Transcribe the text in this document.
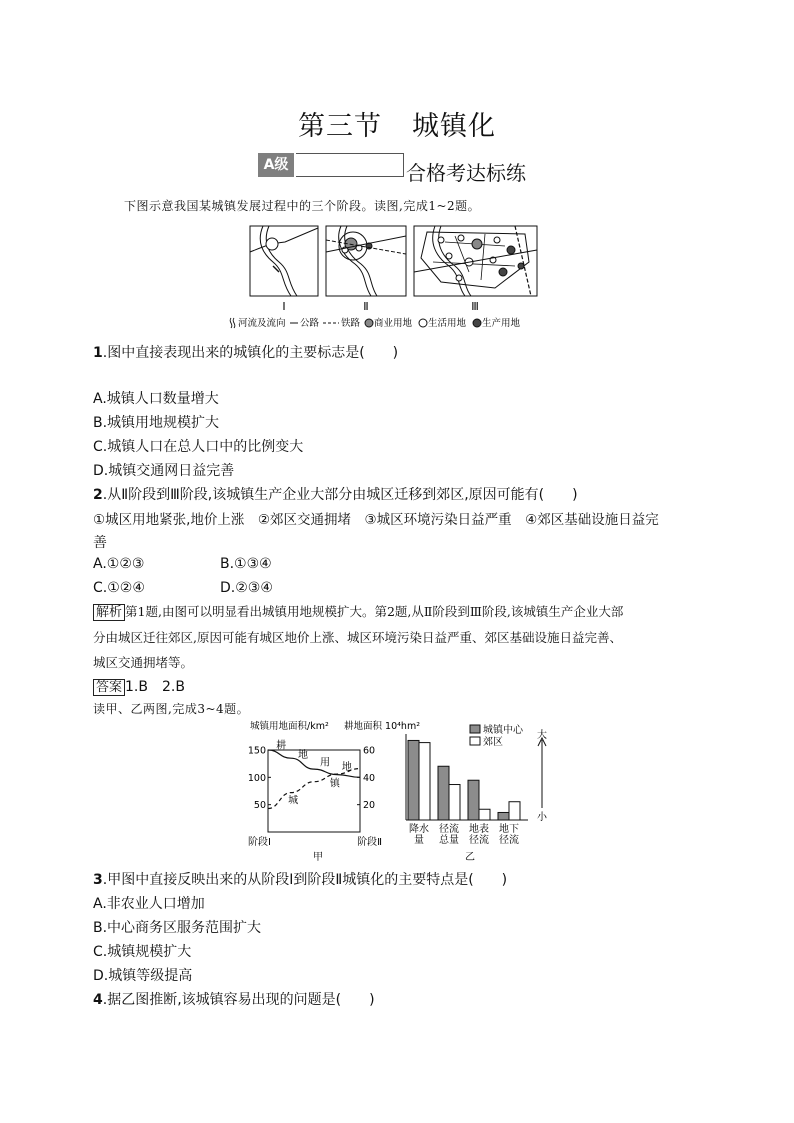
第三节 城镇化
A级	合格考达标练
下图示意我国某城镇发展过程中的三个阶段。读图,完成1~2题。
Ⅰ	Ⅱ	Ⅲ
河流及流向 公路 铁路 商业用地 生活用地 生产用地
1.图中直接表现出来的城镇化的主要标志是(　　)
A.城镇人口数量增大
B.城镇用地规模扩大
C.城镇人口在总人口中的比例变大
D.城镇交通网日益完善
2.从Ⅱ阶段到Ⅲ阶段,该城镇生产企业大部分由城区迁移到郊区,原因可能有(　　)
①城区用地紧张,地价上涨　②郊区交通拥堵　③城区环境污染日益严重　④郊区基础设施日益完
善
A.①②③	B.①③④
C.①②④	D.②③④
解析 第1题,由图可以明显看出城镇用地规模扩大。第2题,从Ⅱ阶段到Ⅲ阶段,该城镇生产企业大部
分由城区迁往郊区,原因可能有城区地价上涨、城区环境污染日益严重、郊区基础设施日益完善、
城区交通拥堵等。
答案 1.B　2.B
读甲、乙两图,完成3~4题。
城镇用地面积/km² 耕地面积 10⁴hm²
50
100
150
20
40
60
耕
地
用 地
城
镇
阶段Ⅰ	阶段Ⅱ
甲
城镇中心
郊区
降水量
径流总量
地表径流
地下径流
大
小
乙
3.甲图中直接反映出来的从阶段Ⅰ到阶段Ⅱ城镇化的主要特点是(　　)
A.非农业人口增加
B.中心商务区服务范围扩大
C.城镇规模扩大
D.城镇等级提高
4.据乙图推断,该城镇容易出现的问题是(　　)
